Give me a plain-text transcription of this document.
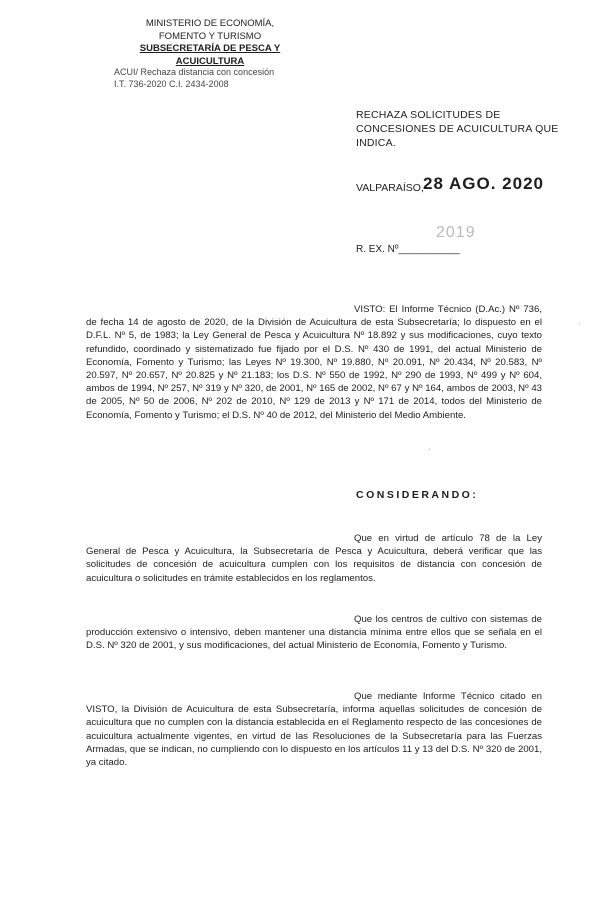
MINISTERIO DE ECONOMÍA,
FOMENTO Y TURISMO
SUBSECRETARÍA DE PESCA Y ACUICULTURA
ACUI/ Rechaza distancia con concesión
I.T. 736-2020 C.I. 2434-2008
RECHAZA SOLICITUDES DE CONCESIONES DE ACUICULTURA QUE INDICA.
VALPARAÍSO, 28 AGO. 2020
2019
R. EX. Nº___________

VISTO: El Informe Técnico (D.Ac.) Nº 736, de fecha 14 de agosto de 2020, de la División de Acuicultura de esta Subsecretaría; lo dispuesto en el D.F.L. Nº 5, de 1983; la Ley General de Pesca y Acuicultura Nº 18.892 y sus modificaciones, cuyo texto refundido, coordinado y sistematizado fue fijado por el D.S. Nº 430 de 1991, del actual Ministerio de Economía, Fomento y Turismo; las Leyes Nº 19.300, Nº 19.880, Nº 20.091, Nº 20.434, Nº 20.583, Nº 20.597, Nº 20.657, Nº 20.825 y Nº 21.183; los D.S. Nº 550 de 1992, Nº 290 de 1993, Nº 499 y Nº 604, ambos de 1994, Nº 257, Nº 319 y Nº 320, de 2001, Nº 165 de 2002, Nº 67 y Nº 164, ambos de 2003, Nº 43 de 2005, Nº 50 de 2006, Nº 202 de 2010, Nº 129 de 2013 y Nº 171 de 2014, todos del Ministerio de Economía, Fomento y Turismo; el D.S. Nº 40 de 2012, del Ministerio del Medio Ambiente.

CONSIDERANDO:

Que en virtud de artículo 78 de la Ley General de Pesca y Acuicultura, la Subsecretaría de Pesca y Acuicultura, deberá verificar que las solicitudes de concesión de acuicultura cumplen con los requisitos de distancia con concesión de acuicultura o solicitudes en trámite establecidos en los reglamentos.

Que los centros de cultivo con sistemas de producción extensivo o intensivo, deben mantener una distancia mínima entre ellos que se señala en el D.S. Nº 320 de 2001, y sus modificaciones, del actual Ministerio de Economía, Fomento y Turismo.

Que mediante Informe Técnico citado en VISTO, la División de Acuicultura de esta Subsecretaría, informa aquellas solicitudes de concesión de acuicultura que no cumplen con la distancia establecida en el Reglamento respecto de las concesiones de acuicultura actualmente vigentes, en virtud de las Resoluciones de la Subsecretaría para las Fuerzas Armadas, que se indican, no cumpliendo con lo dispuesto en los artículos 11 y 13 del D.S. Nº 320 de 2001, ya citado.

·
·
